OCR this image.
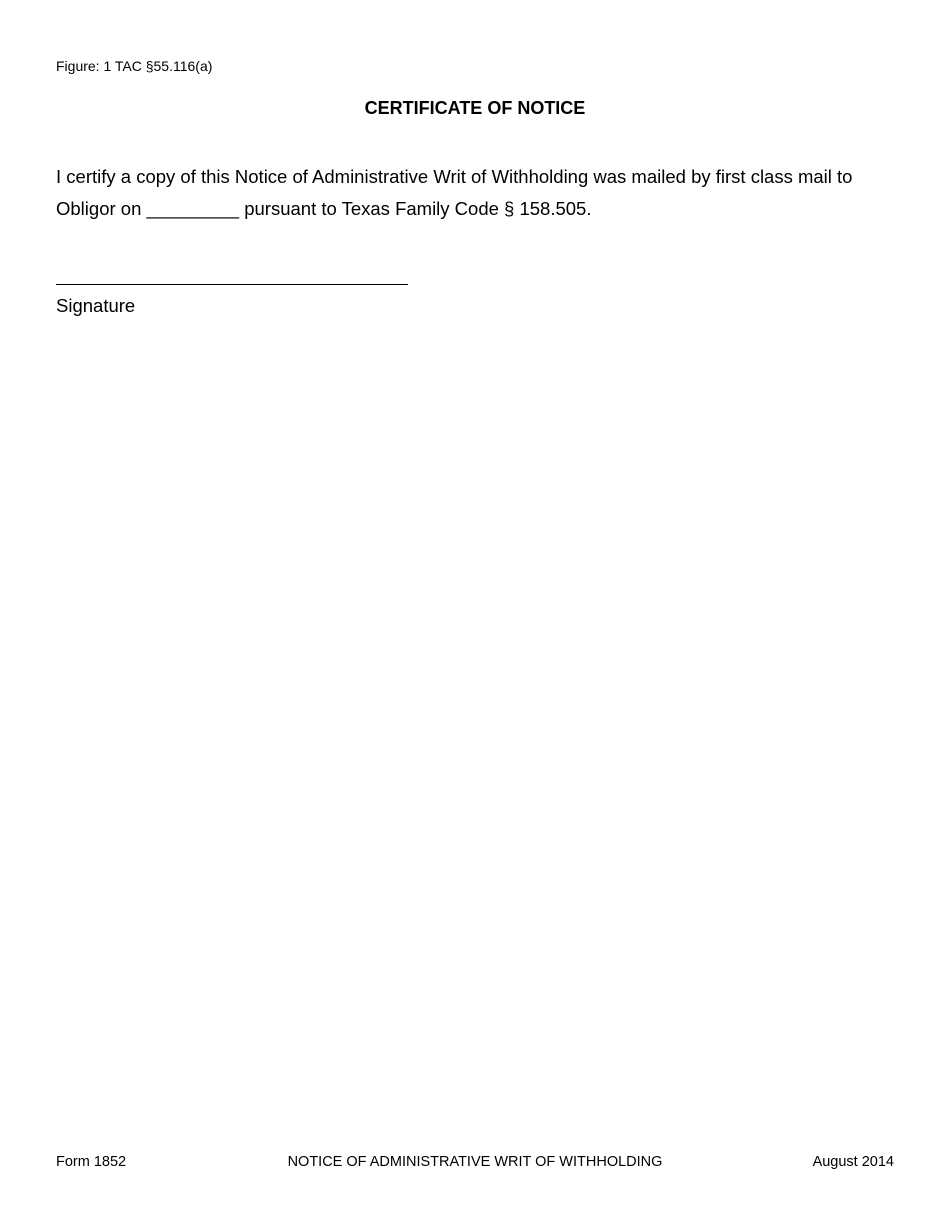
Figure: 1 TAC §55.116(a)
CERTIFICATE OF NOTICE

I certify a copy of this Notice of Administrative Writ of Withholding was mailed by first class mail to

Obligor on _________ pursuant to Texas Family Code § 158.505.

Signature
Form 1852	NOTICE OF ADMINISTRATIVE WRIT OF WITHHOLDING	August 2014
